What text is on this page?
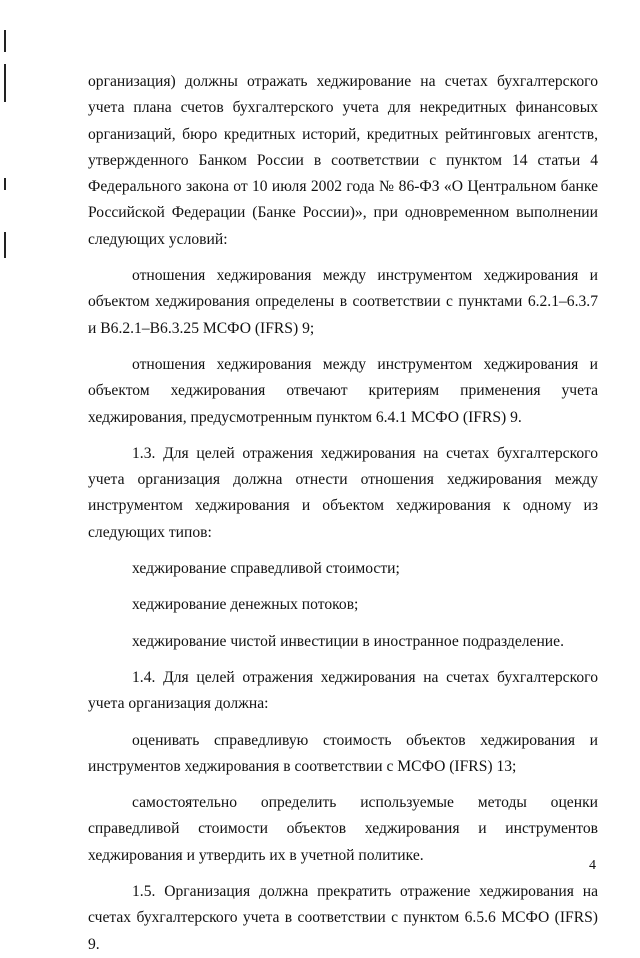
организация) должны отражать хеджирование на счетах бухгалтерского учета плана счетов бухгалтерского учета для некредитных финансовых организаций, бюро кредитных историй, кредитных рейтинговых агентств, утвержденного Банком России в соответствии с пунктом 14 статьи 4 Федерального закона от 10 июля 2002 года № 86-ФЗ «О Центральном банке Российской Федерации (Банке России)», при одновременном выполнении следующих условий:

отношения хеджирования между инструментом хеджирования и объектом хеджирования определены в соответствии с пунктами 6.2.1–6.3.7 и В6.2.1–В6.3.25 МСФО (IFRS) 9;

отношения хеджирования между инструментом хеджирования и объектом хеджирования отвечают критериям применения учета хеджирования, предусмотренным пунктом 6.4.1 МСФО (IFRS) 9.

1.3. Для целей отражения хеджирования на счетах бухгалтерского учета организация должна отнести отношения хеджирования между инструментом хеджирования и объектом хеджирования к одному из следующих типов:

хеджирование справедливой стоимости;

хеджирование денежных потоков;

хеджирование чистой инвестиции в иностранное подразделение.

1.4. Для целей отражения хеджирования на счетах бухгалтерского учета организация должна:

оценивать справедливую стоимость объектов хеджирования и инструментов хеджирования в соответствии с МСФО (IFRS) 13;

самостоятельно определить используемые методы оценки справедливой стоимости объектов хеджирования и инструментов хеджирования и утвердить их в учетной политике.

1.5. Организация должна прекратить отражение хеджирования на счетах бухгалтерского учета в соответствии с пунктом 6.5.6 МСФО (IFRS) 9.

4
